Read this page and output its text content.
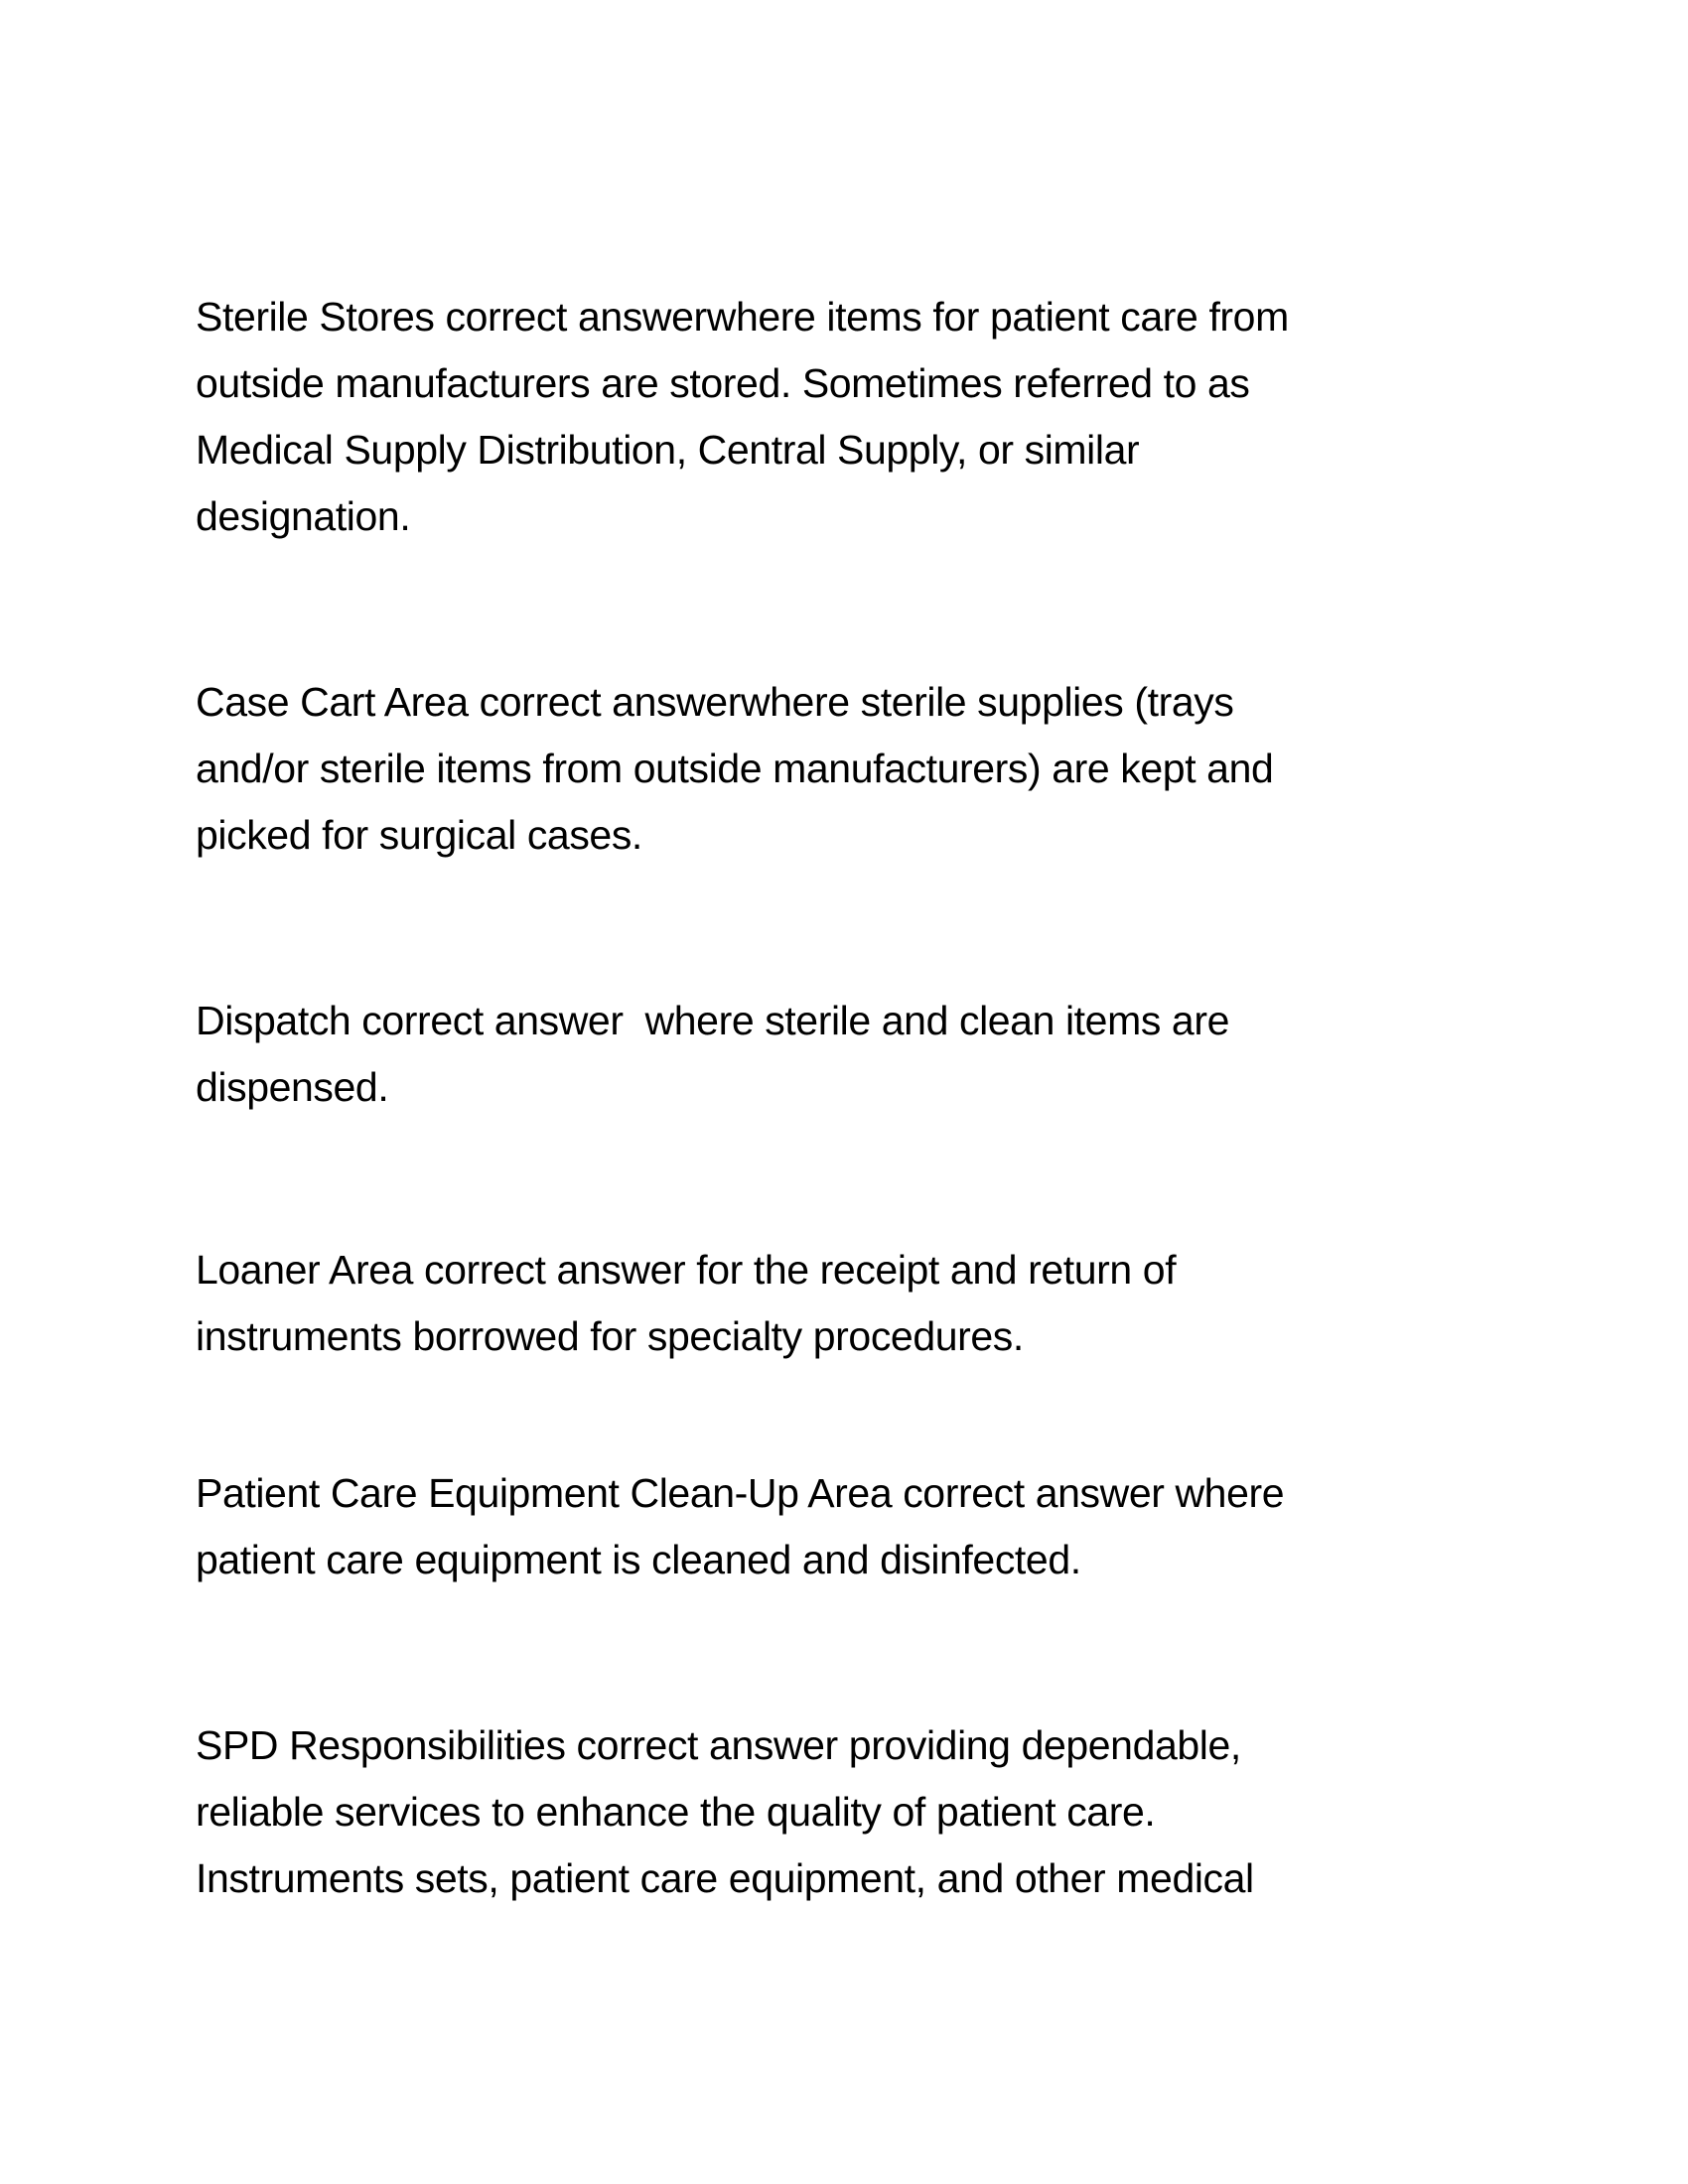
Sterile Stores correct answerwhere items for patient care from
outside manufacturers are stored. Sometimes referred to as
Medical Supply Distribution, Central Supply, or similar
designation.
Case Cart Area correct answerwhere sterile supplies (trays
and/or sterile items from outside manufacturers) are kept and
picked for surgical cases.
Dispatch correct answer  where sterile and clean items are
dispensed.
Loaner Area correct answer for the receipt and return of
instruments borrowed for specialty procedures.
Patient Care Equipment Clean-Up Area correct answer where
patient care equipment is cleaned and disinfected.
SPD Responsibilities correct answer providing dependable,
reliable services to enhance the quality of patient care.
Instruments sets, patient care equipment, and other medical
